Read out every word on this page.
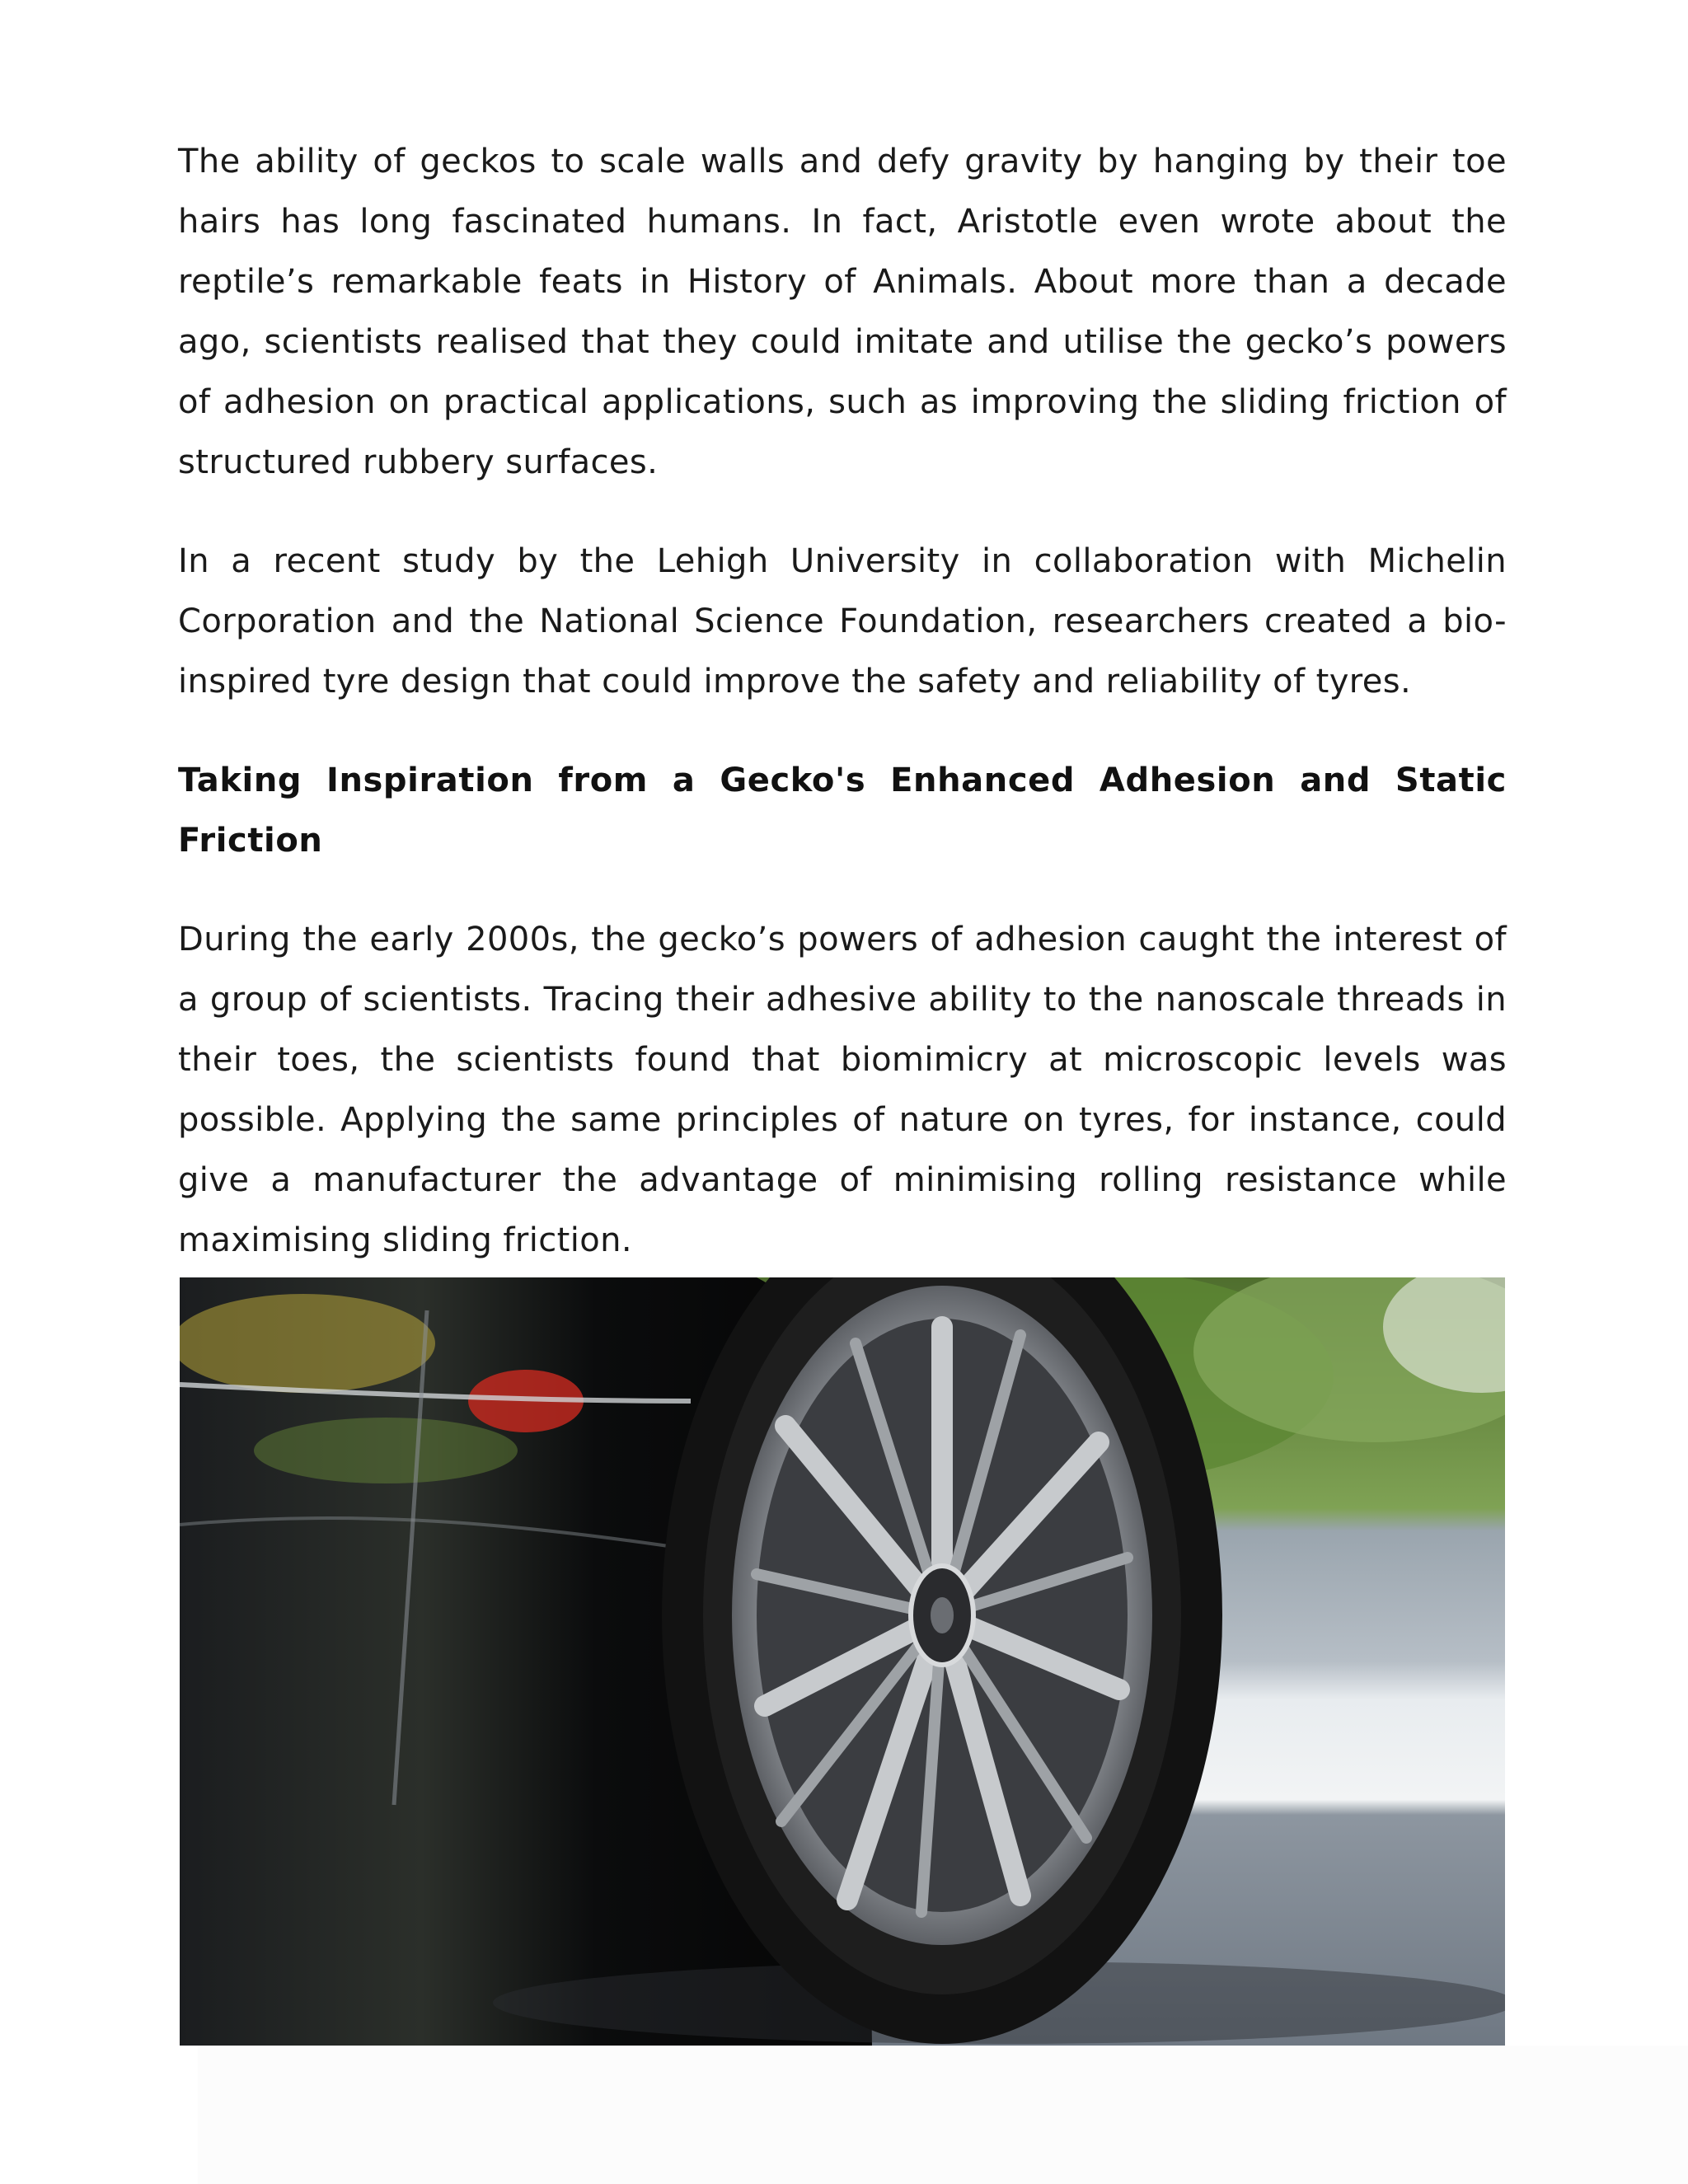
The ability of geckos to scale walls and defy gravity by hanging by their toe hairs has long fascinated humans. In fact, Aristotle even wrote about the reptile’s remarkable feats in History of Animals. About more than a decade ago, scientists realised that they could imitate and utilise the gecko’s powers of adhesion on practical applications, such as improving the sliding friction of structured rubbery surfaces.

In a recent study by the Lehigh University in collaboration with Michelin Corporation and the National Science Foundation, researchers created a bio-inspired tyre design that could improve the safety and reliability of tyres.

Taking Inspiration from a Gecko's Enhanced Adhesion and Static Friction

During the early 2000s, the gecko’s powers of adhesion caught the interest of a group of scientists. Tracing their adhesive ability to the nanoscale threads in their toes, the scientists found that biomimicry at microscopic levels was possible. Applying the same principles of nature on tyres, for instance, could give a manufacturer the advantage of minimising rolling resistance while maximising sliding friction.
